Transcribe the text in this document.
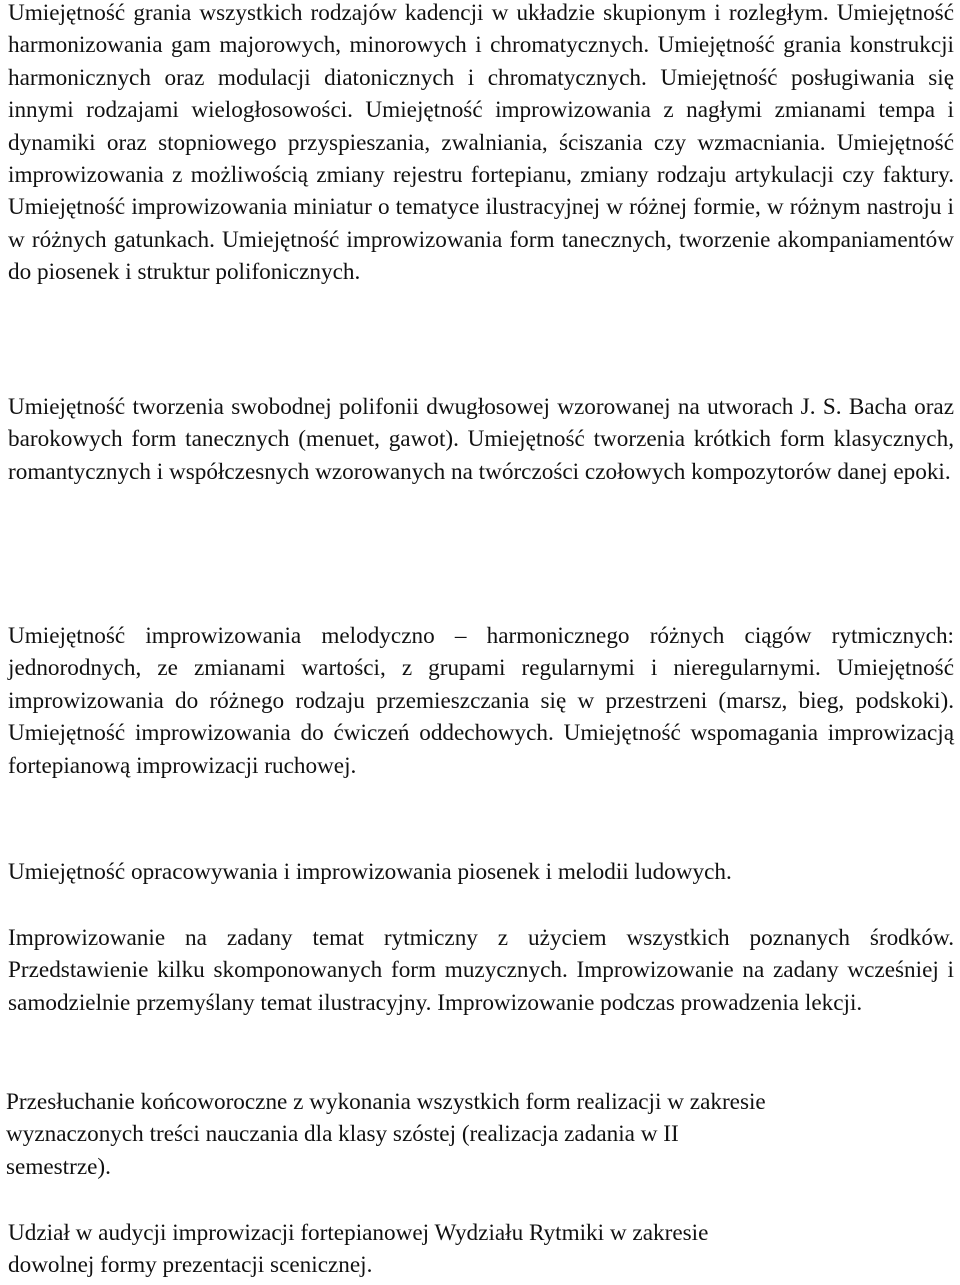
Umiejętność grania wszystkich rodzajów kadencji w układzie skupionym i rozległym. Umiejętność harmonizowania gam majorowych, minorowych i chromatycznych. Umiejętność grania konstrukcji harmonicznych oraz modulacji diatonicznych i chromatycznych. Umiejętność posługiwania się innymi rodzajami wielogłosowości. Umiejętność improwizowania z nagłymi zmianami tempa i dynamiki oraz stopniowego przyspieszania, zwalniania, ściszania czy wzmacniania. Umiejętność improwizowania z możliwością zmiany rejestru fortepianu, zmiany rodzaju artykulacji czy faktury. Umiejętność improwizowania miniatur o tematyce ilustracyjnej w różnej formie, w różnym nastroju i w różnych gatunkach. Umiejętność improwizowania form tanecznych, tworzenie akompaniamentów do piosenek i struktur polifonicznych.

Umiejętność tworzenia swobodnej polifonii dwugłosowej wzorowanej na utworach J. S. Bacha oraz barokowych form tanecznych (menuet, gawot). Umiejętność tworzenia krótkich form klasycznych, romantycznych i współczesnych wzorowanych na twórczości czołowych kompozytorów danej epoki.

Umiejętność improwizowania melodyczno – harmonicznego różnych ciągów rytmicznych: jednorodnych, ze zmianami wartości, z grupami regularnymi i nieregularnymi. Umiejętność improwizowania do różnego rodzaju przemieszczania się w przestrzeni (marsz, bieg, podskoki). Umiejętność improwizowania do ćwiczeń oddechowych. Umiejętność wspomagania improwizacją fortepianową improwizacji ruchowej.

Umiejętność opracowywania i improwizowania piosenek i melodii ludowych.

Improwizowanie na zadany temat rytmiczny z użyciem wszystkich poznanych środków. Przedstawienie kilku skomponowanych form muzycznych. Improwizowanie na zadany wcześniej i samodzielnie przemyślany temat ilustracyjny. Improwizowanie podczas prowadzenia lekcji.

Przesłuchanie końcoworoczne z wykonania wszystkich form realizacji w zakresie
wyznaczonych treści nauczania dla klasy szóstej (realizacja zadania w II
semestrze).

Udział w audycji improwizacji fortepianowej Wydziału Rytmiki w zakresie
dowolnej formy prezentacji scenicznej.
